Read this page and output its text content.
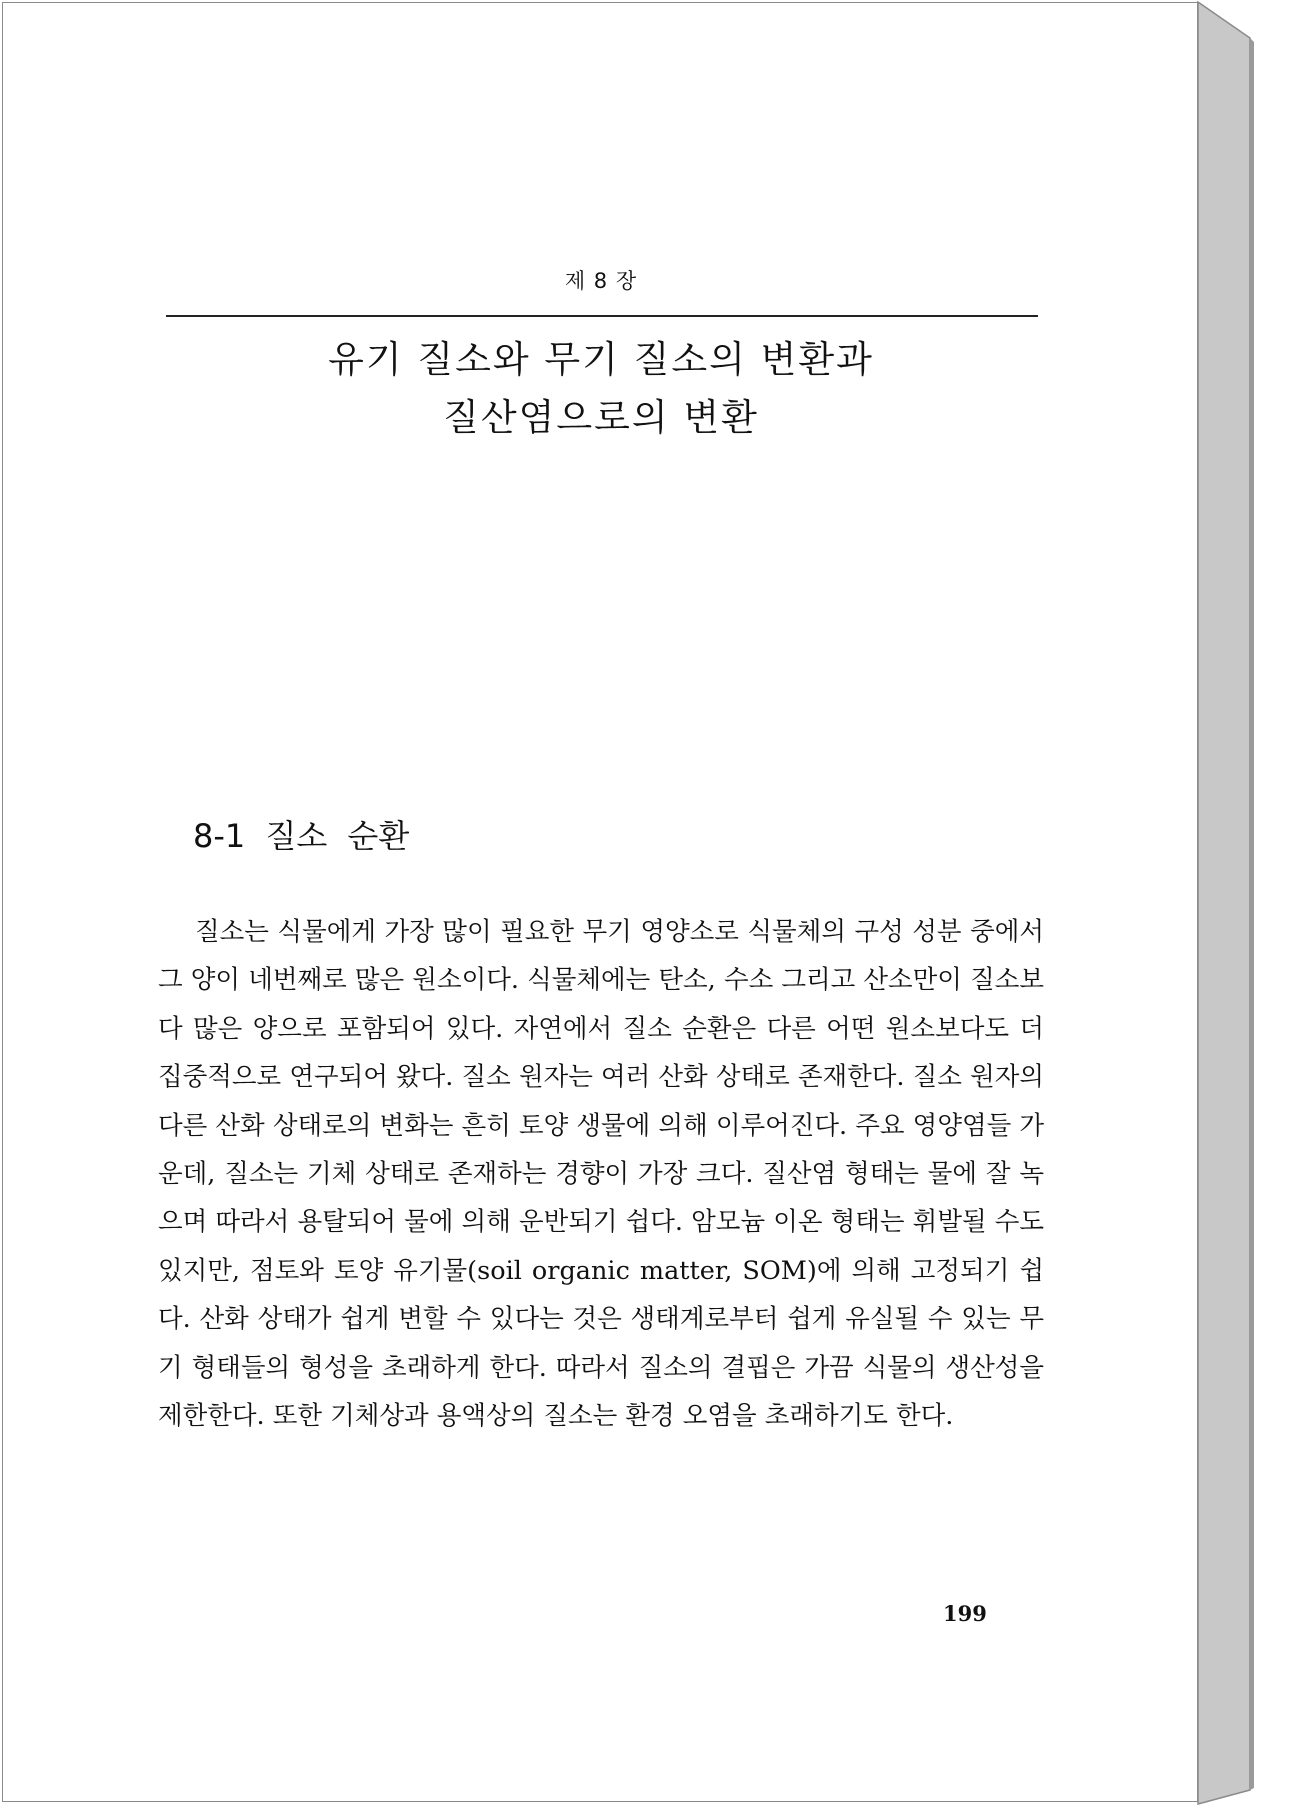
제 8 장
유기 질소와 무기 질소의 변환과
질산염으로의 변환
8-1 질소 순환

질소는 식물에게 가장 많이 필요한 무기 영양소로 식물체의 구성 성분 중에서 그 양이 네번째로 많은 원소이다. 식물체에는 탄소, 수소 그리고 산소만이 질소보다 많은 양으로 포함되어 있다. 자연에서 질소 순환은 다른 어떤 원소보다도 더 집중적으로 연구되어 왔다. 질소 원자는 여러 산화 상태로 존재한다. 질소 원자의 다른 산화 상태로의 변화는 흔히 토양 생물에 의해 이루어진다. 주요 영양염들 가운데, 질소는 기체 상태로 존재하는 경향이 가장 크다. 질산염 형태는 물에 잘 녹으며 따라서 용탈되어 물에 의해 운반되기 쉽다. 암모늄 이온 형태는 휘발될 수도 있지만, 점토와 토양 유기물(soil organic matter, SOM)에 의해 고정되기 쉽다. 산화 상태가 쉽게 변할 수 있다는 것은 생태계로부터 쉽게 유실될 수 있는 무기 형태들의 형성을 초래하게 한다. 따라서 질소의 결핍은 가끔 식물의 생산성을 제한한다. 또한 기체상과 용액상의 질소는 환경 오염을 초래하기도 한다.

199
